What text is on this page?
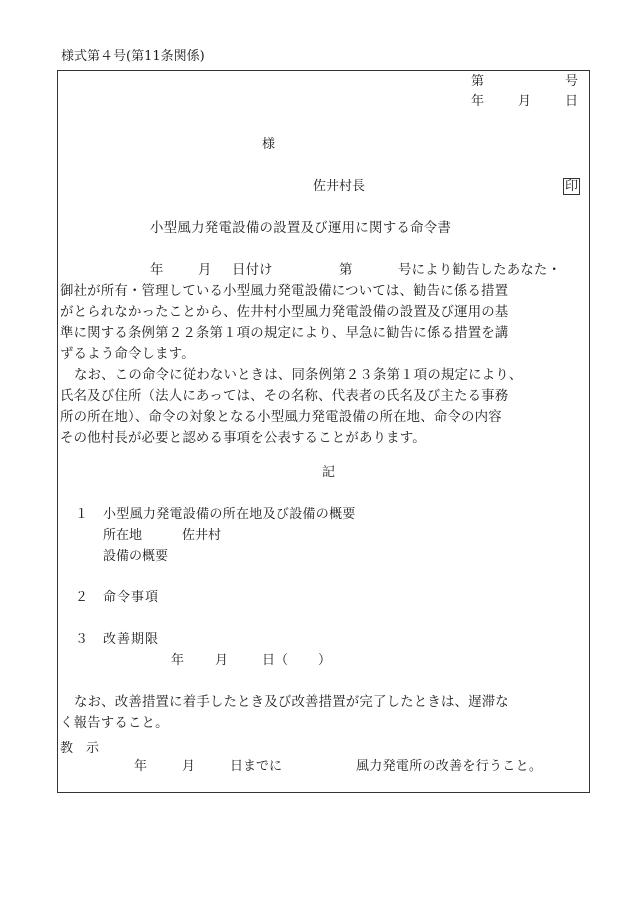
様式第４号(第11条関係)
第	号
年	月	日
様
佐井村長	印
小型風力発電設備の設置及び運用に関する命令書
年	月 日付け	第	号により勧告したあなた・
御社が所有・管理している小型風力発電設備については、勧告に係る措置
がとられなかったことから、佐井村小型風力発電設備の設置及び運用の基
準に関する条例第２２条第１項の規定により、早急に勧告に係る措置を講
ずるよう命令します。
なお、この命令に従わないときは、同条例第２３条第１項の規定により、
氏名及び住所（法人にあっては、その名称、代表者の氏名及び主たる事務
所の所在地）、命令の対象となる小型風力発電設備の所在地、命令の内容
その他村長が必要と認める事項を公表することがあります。
記
１ 小型風力発電設備の所在地及び設備の概要
所在地	佐井村
設備の概要
２ 命令事項
３ 改善期限
年 月	日（ ）
なお、改善措置に着手したとき及び改善措置が完了したときは、遅滞な
く報告すること。
教　示
年	月	日までに	風力発電所の改善を行うこと。
